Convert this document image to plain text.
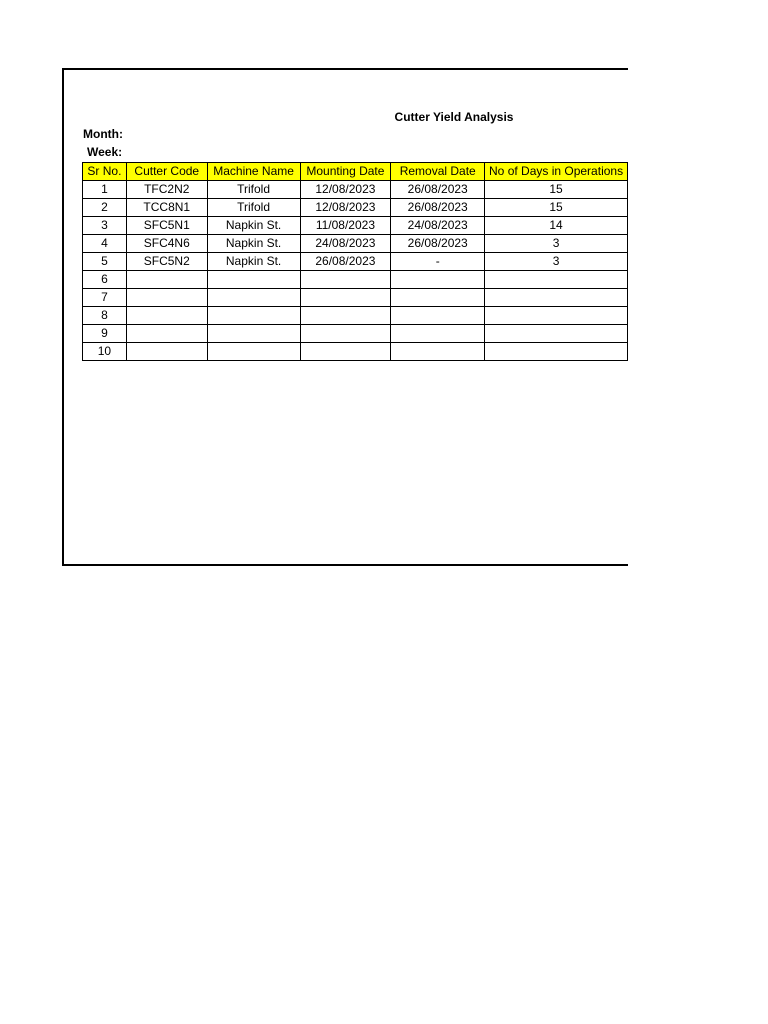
Cutter Yield Analysis
Month:
Week:
Sr No.	Cutter Code	Machine Name	Mounting Date	Removal Date	No of Days in Operations
1	TFC2N2	Trifold	12/08/2023	26/08/2023	15
2	TCC8N1	Trifold	12/08/2023	26/08/2023	15
3	SFC5N1	Napkin St.	11/08/2023	24/08/2023	14
4	SFC4N6	Napkin St.	24/08/2023	26/08/2023	3
5	SFC5N2	Napkin St.	26/08/2023	-	3
6					
7					
8					
9					
10					
